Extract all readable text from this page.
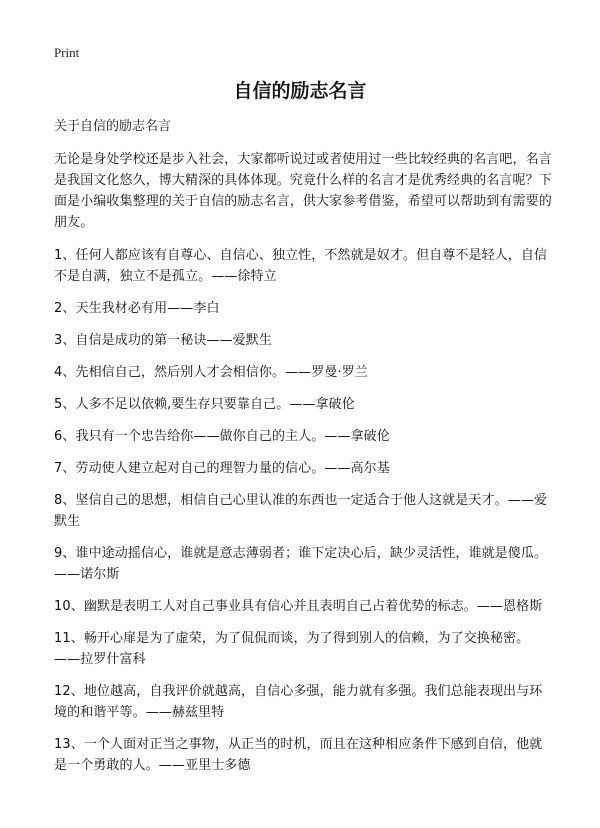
Print
自信的励志名言

关于自信的励志名言

无论是身处学校还是步入社会，大家都听说过或者使用过一些比较经典的名言吧，名言是我国文化悠久，博大精深的具体体现。究竟什么样的名言才是优秀经典的名言呢？下面是小编收集整理的关于自信的励志名言，供大家参考借鉴，希望可以帮助到有需要的朋友。

1、任何人都应该有自尊心、自信心、独立性，不然就是奴才。但自尊不是轻人，自信不是自满，独立不是孤立。——徐特立
2、天生我材必有用——李白
3、自信是成功的第一秘诀——爱默生
4、先相信自己，然后别人才会相信你。——罗曼·罗兰
5、人多不足以依赖,要生存只要靠自己。——拿破伦
6、我只有一个忠告给你——做你自己的主人。——拿破伦
7、劳动使人建立起对自己的理智力量的信心。——高尔基
8、坚信自己的思想，相信自己心里认准的东西也一定适合于他人这就是天才。——爱默生
9、谁中途动摇信心，谁就是意志薄弱者；谁下定决心后，缺少灵活性，谁就是傻瓜。——诺尔斯
10、幽默是表明工人对自己事业具有信心并且表明自己占着优势的标志。——恩格斯
11、畅开心扉是为了虚荣，为了侃侃而谈，为了得到别人的信赖，为了交换秘密。——拉罗什富科
12、地位越高，自我评价就越高，自信心多强，能力就有多强。我们总能表现出与环境的和谐平等。——赫兹里特
13、一个人面对正当之事物，从正当的时机，而且在这种相应条件下感到自信，他就是一个勇敢的人。——亚里士多德
